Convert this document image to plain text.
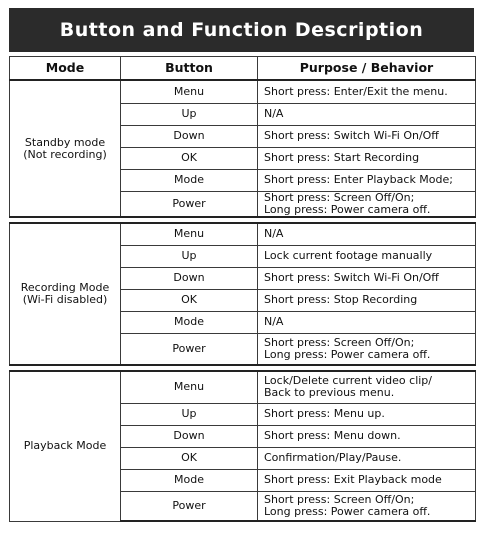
Button and Function Description
Mode	Button	Purpose / Behavior

Standby mode
(Not recording)	Menu	Short press: Enter/Exit the menu.

	Up	N/A

	Down	Short press: Switch Wi-Fi On/Off

	OK	Short press: Start Recording

	Mode	Short press: Enter Playback Mode;

	Power	Short press: Screen Off/On;
Long press: Power camera off.

Recording Mode
(Wi-Fi disabled)	Menu	N/A

	Up	Lock current footage manually

	Down	Short press: Switch Wi-Fi On/Off

	OK	Short press: Stop Recording

	Mode	N/A

	Power	Short press: Screen Off/On;
Long press: Power camera off.

Playback Mode	Menu	Lock/Delete current video clip/
Back to previous menu.

	Up	Short press: Menu up.

	Down	Short press: Menu down.

	OK	Confirmation/Play/Pause.

	Mode	Short press: Exit Playback mode

	Power	Short press: Screen Off/On;
Long press: Power camera off.
